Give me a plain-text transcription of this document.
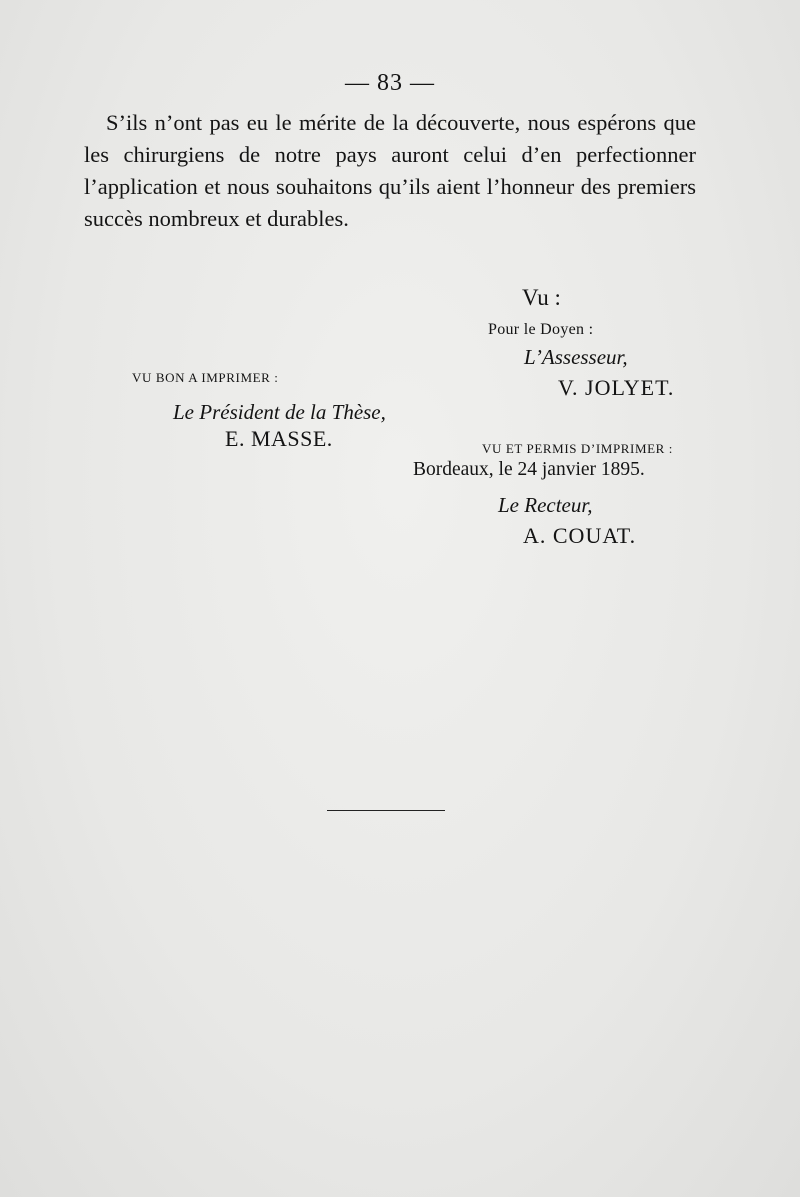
— 83 —

S’ils n’ont pas eu le mérite de la découverte, nous espérons que les chirurgiens de notre pays auront celui d’en perfectionner l’application et nous souhaitons qu’ils aient l’honneur des premiers succès nombreux et durables.

Vu :
Pour le Doyen :
L’Assesseur,
V. JOLYET.
VU BON A IMPRIMER :
Le Président de la Thèse,
E. MASSE.	VU ET PERMIS D’IMPRIMER :
Bordeaux, le 24 janvier 1895.
Le Recteur,
A. COUAT.
